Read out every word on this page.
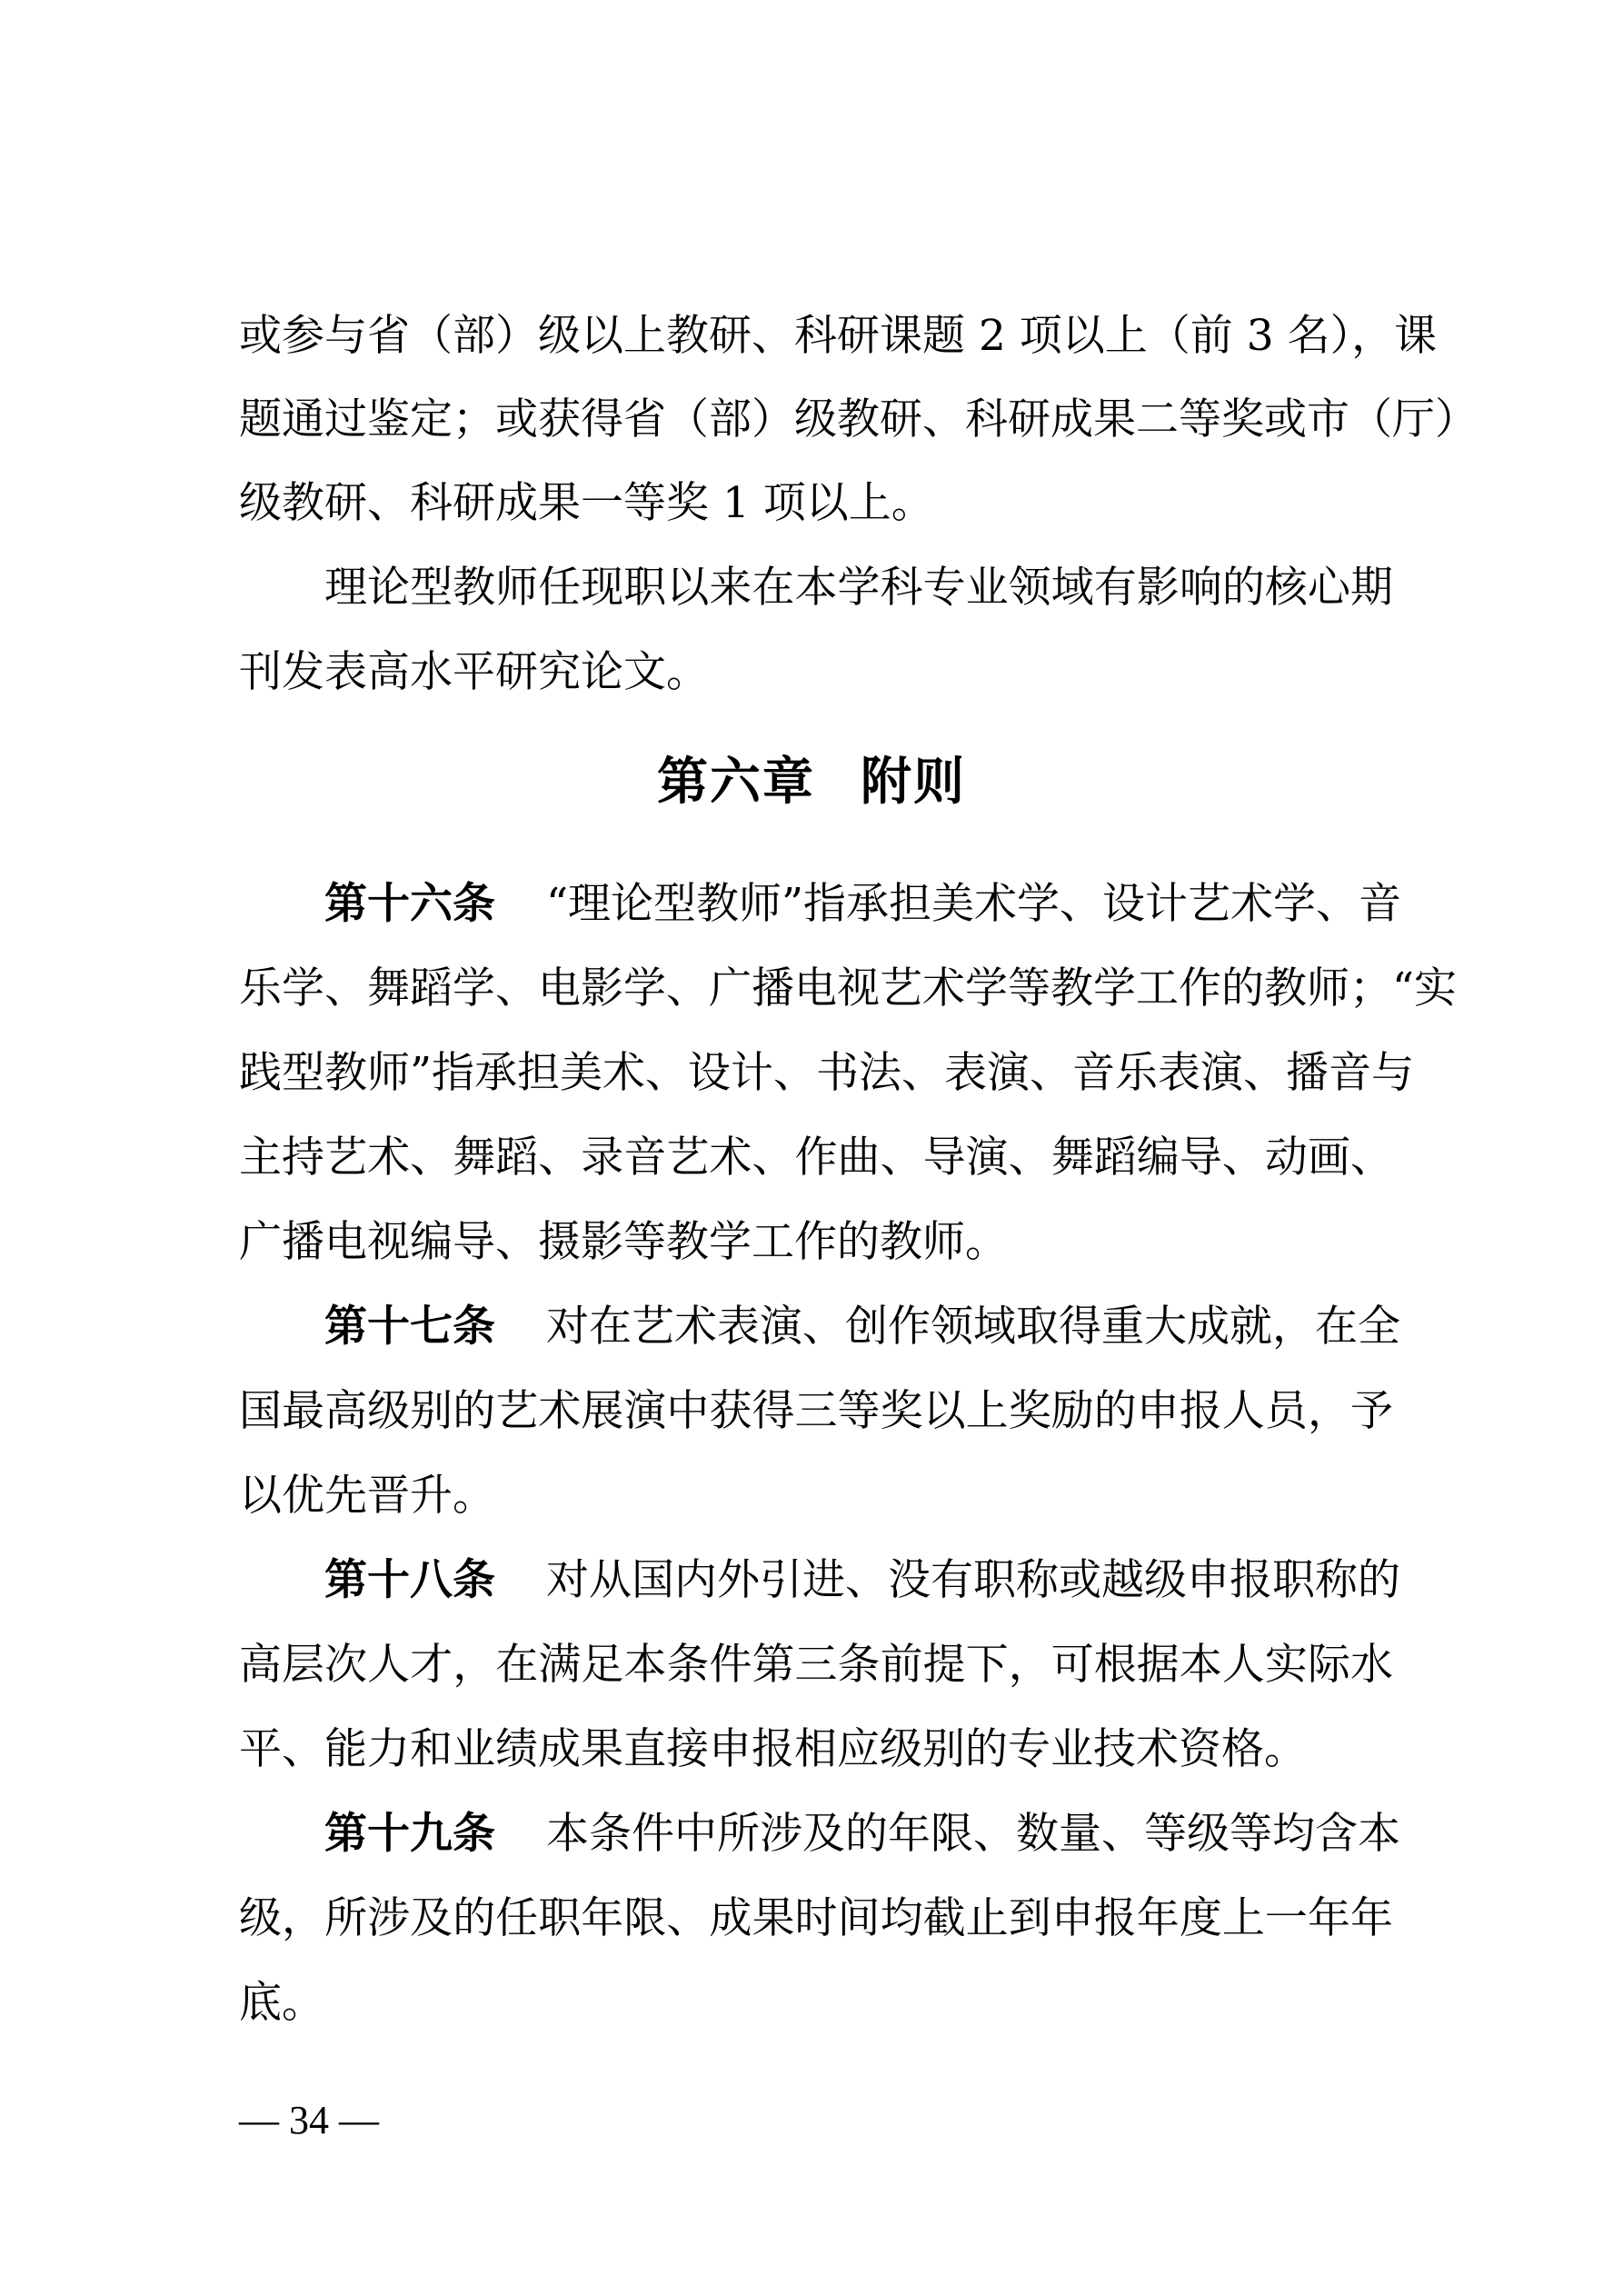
或参与省（部）级以上教研、科研课题 2 项以上（前 3 名），课
题通过鉴定；或获得省（部）级教研、科研成果二等奖或市（厅）
级教研、科研成果一等奖 1 项以上。
理论型教师任现职以来在本学科专业领域有影响的核心期
刊发表高水平研究论文。
第六章 附则
第十六条 “理论型教师”指承担美术学、设计艺术学、音
乐学、舞蹈学、电影学、广播电视艺术学等教学工作的教师；“实
践型教师”指承担美术、设计、书法、表演、音乐表演、播音与
主持艺术、舞蹈、录音艺术、作曲、导演、舞蹈编导、动画、
广播电视编导、摄影等教学工作的教师。
第十七条 对在艺术表演、创作领域取得重大成就，在全
国最高级别的艺术展演中获得三等奖以上奖励的申报人员，予
以优先晋升。
第十八条 对从国内外引进、没有职称或越级申报职称的
高层次人才，在满足本条件第三条前提下，可根据本人实际水
平、能力和业绩成果直接申报相应级别的专业技术资格。
第十九条 本条件中所涉及的年限、数量、等级等均含本
级，所涉及的任职年限、成果时间均截止到申报年度上一年年
底。
— 34 —
